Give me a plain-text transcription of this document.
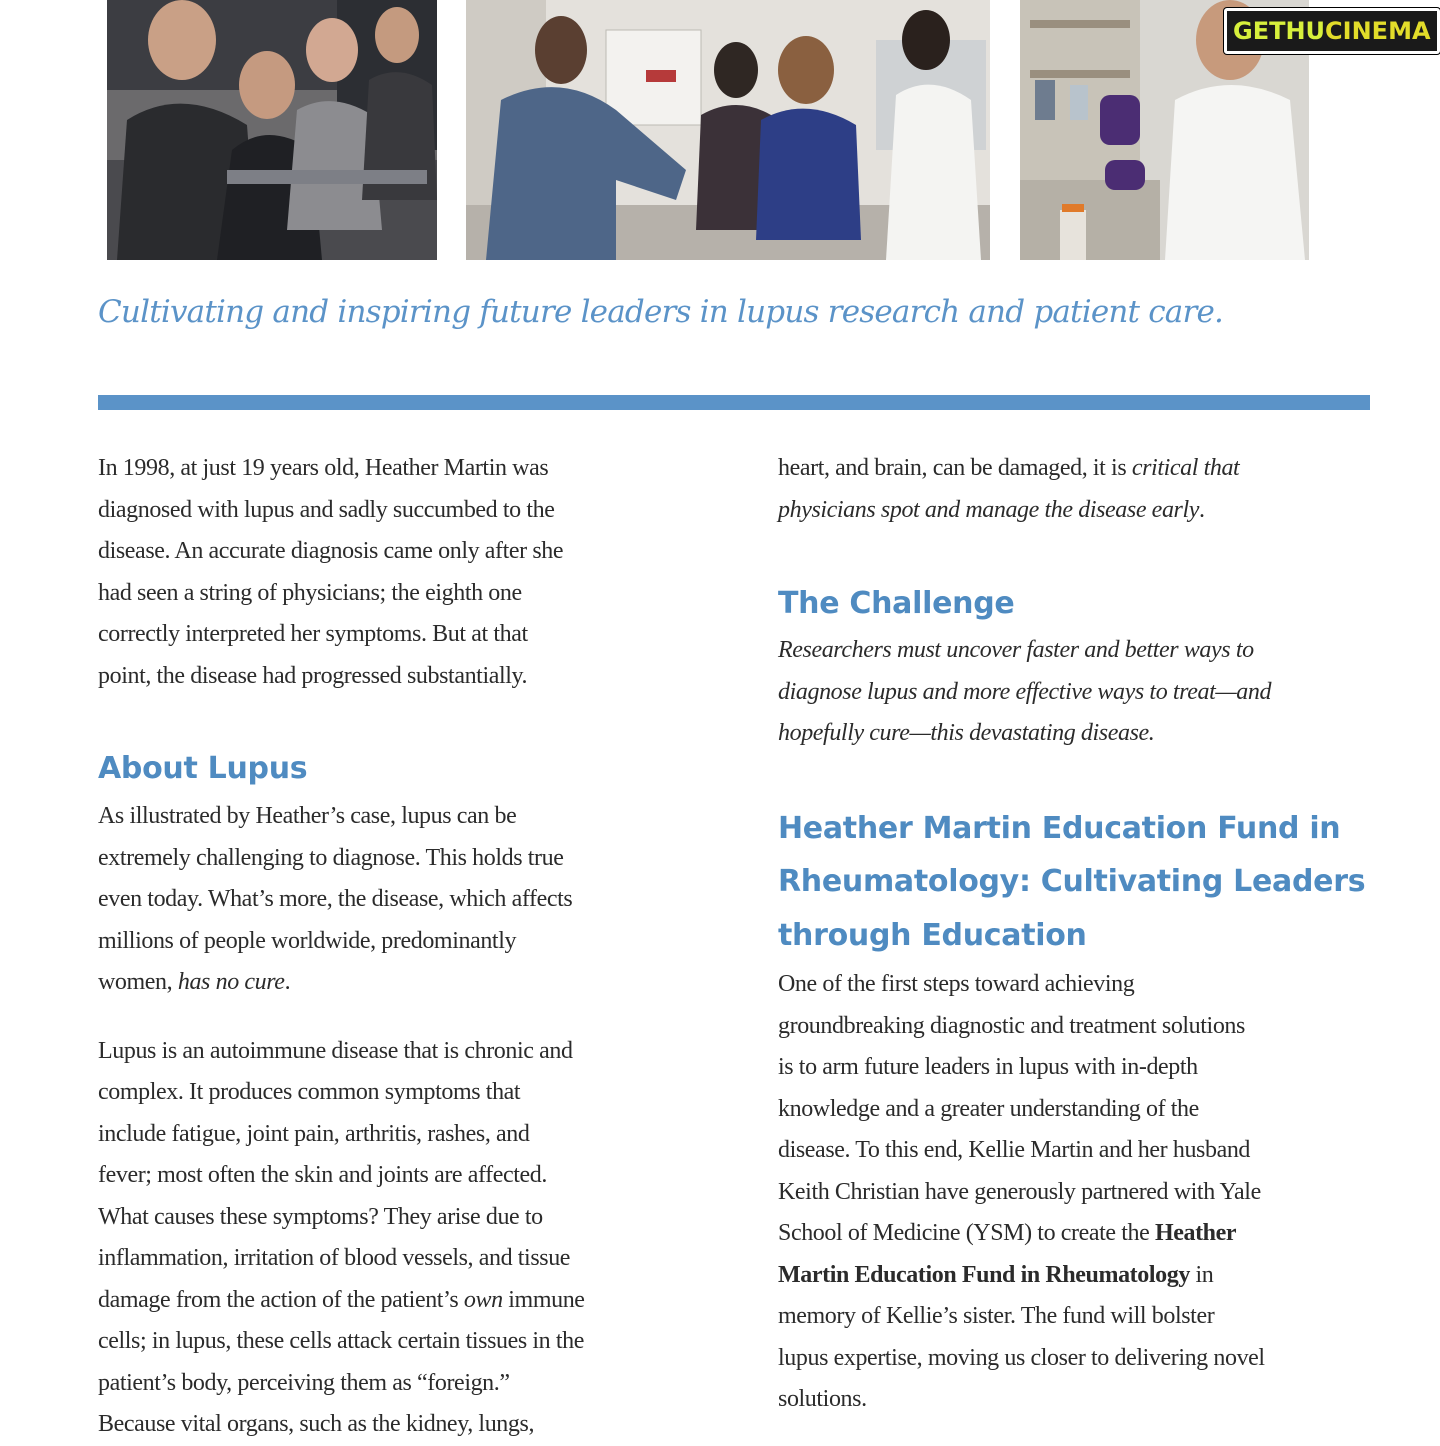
GETHUCINEMA
Cultivating and inspiring future leaders in lupus research and patient care.

In 1998, at just 19 years old, Heather Martin was
diagnosed with lupus and sadly succumbed to the
disease. An accurate diagnosis came only after she
had seen a string of physicians; the eighth one
correctly interpreted her symptoms. But at that
point, the disease had progressed substantially.

About Lupus

As illustrated by Heather’s case, lupus can be
extremely challenging to diagnose. This holds true
even today. What’s more, the disease, which affects
millions of people worldwide, predominantly
women, has no cure.

Lupus is an autoimmune disease that is chronic and
complex. It produces common symptoms that
include fatigue, joint pain, arthritis, rashes, and
fever; most often the skin and joints are affected.
What causes these symptoms? They arise due to
inflammation, irritation of blood vessels, and tissue
damage from the action of the patient’s own immune
cells; in lupus, these cells attack certain tissues in the
patient’s body, perceiving them as “foreign.”
Because vital organs, such as the kidney, lungs,

heart, and brain, can be damaged, it is critical that
physicians spot and manage the disease early.

The Challenge

Researchers must uncover faster and better ways to
diagnose lupus and more effective ways to treat—and
hopefully cure—this devastating disease.

Heather Martin Education Fund in
Rheumatology: Cultivating Leaders
through Education

One of the first steps toward achieving
groundbreaking diagnostic and treatment solutions
is to arm future leaders in lupus with in-depth
knowledge and a greater understanding of the
disease. To this end, Kellie Martin and her husband
Keith Christian have generously partnered with Yale
School of Medicine (YSM) to create the Heather
Martin Education Fund in Rheumatology in
memory of Kellie’s sister. The fund will bolster
lupus expertise, moving us closer to delivering novel
solutions.
